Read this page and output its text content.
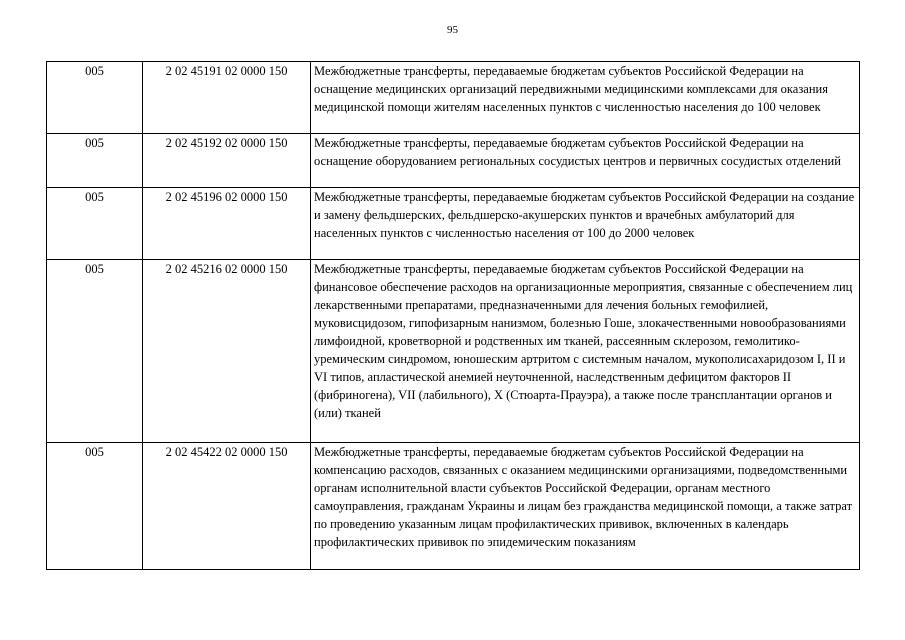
95
005	2 02 45191 02 0000 150	Межбюджетные трансферты, передаваемые бюджетам субъектов Российской Федерации на оснащение медицинских организаций передвижными медицинскими комплексами для оказания медицинской помощи жителям населенных пунктов с численностью населения до 100 человек

005	2 02 45192 02 0000 150	Межбюджетные трансферты, передаваемые бюджетам субъектов Российской Федерации на оснащение оборудованием региональных сосудистых центров и первичных сосудистых отделений

005	2 02 45196 02 0000 150	Межбюджетные трансферты, передаваемые бюджетам субъектов Российской Федерации на создание и замену фельдшерских, фельдшерско-акушерских пунктов и врачебных амбулаторий для населенных пунктов с численностью населения от 100 до 2000 человек

005	2 02 45216 02 0000 150	Межбюджетные трансферты, передаваемые бюджетам субъектов Российской Федерации на финансовое обеспечение расходов на организационные мероприятия, связанные с обеспечением лиц лекарственными препаратами, предназначенными для лечения больных гемофилией, муковисцидозом, гипофизарным нанизмом, болезнью Гоше, злокачественными новообразованиями лимфоидной, кроветворной и родственных им тканей, рассеянным склерозом, гемолитико-уремическим синдромом, юношеским артритом с системным началом, мукополисахаридозом I, II и VI типов, апластической анемией неуточненной, наследственным дефицитом факторов II (фибриногена), VII (лабильного), X (Стюарта-Прауэра), а также после трансплантации органов и (или) тканей

005	2 02 45422 02 0000 150	Межбюджетные трансферты, передаваемые бюджетам субъектов Российской Федерации на компенсацию расходов, связанных с оказанием медицинскими организациями, подведомственными органам исполнительной власти субъектов Российской Федерации, органам местного самоуправления, гражданам Украины и лицам без гражданства медицинской помощи, а также затрат по проведению указанным лицам профилактических прививок, включенных в календарь профилактических прививок по эпидемическим показаниям
